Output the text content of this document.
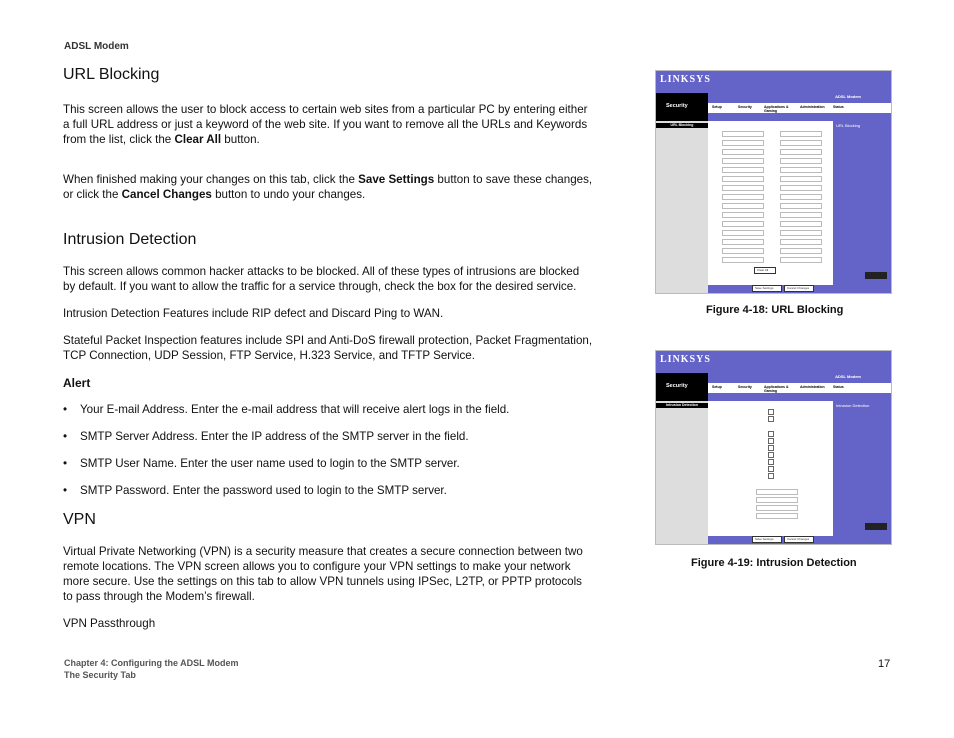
ADSL Modem
URL Blocking

This screen allows the user to block access to certain web sites from a particular PC by entering either a full URL address or just a keyword of the web site. If you want to remove all the URLs and Keywords from the list, click the Clear All button.

When finished making your changes on this tab, click the Save Settings button to save these changes, or click the Cancel Changes button to undo your changes.

Intrusion Detection

This screen allows common hacker attacks to be blocked. All of these types of intrusions are blocked by default. If you want to allow the traffic for a service through, check the box for the desired service.

Intrusion Detection Features include RIP defect and Discard Ping to WAN.

Stateful Packet Inspection features include SPI and Anti-DoS firewall protection, Packet Fragmentation, TCP Connection, UDP Session, FTP Service, H.323 Service, and TFTP Service.

Alert
• Your E-mail Address. Enter the e-mail address that will receive alert logs in the field.
• SMTP Server Address. Enter the IP address of the SMTP server in the field.
• SMTP User Name. Enter the user name used to login to the SMTP server.
• SMTP Password. Enter the password used to login to the SMTP server.
VPN

Virtual Private Networking (VPN) is a security measure that creates a secure connection between two remote locations. The VPN screen allows you to configure your VPN settings to make your network more secure. Use the settings on this tab to allow VPN tunnels using IPSec, L2TP, or PPTP protocols to pass through the Modem’s firewall.

VPN Passthrough

LINKSYS
Security
ADSL Modem
Setup	Security	Applications & Gaming
Administration Status
URL Blocking
Clear All
URL Blocking
Save Settings	Cancel Changes
Figure 4-18: URL Blocking
LINKSYS
Security
ADSL Modem
Setup	Security	Applications & Gaming
Administration Status
Intrusion Detection	Intrusion Detection
Save Settings	Cancel Changes
Figure 4-19: Intrusion Detection
Chapter 4: Configuring the ADSL Modem
The Security Tab
17
